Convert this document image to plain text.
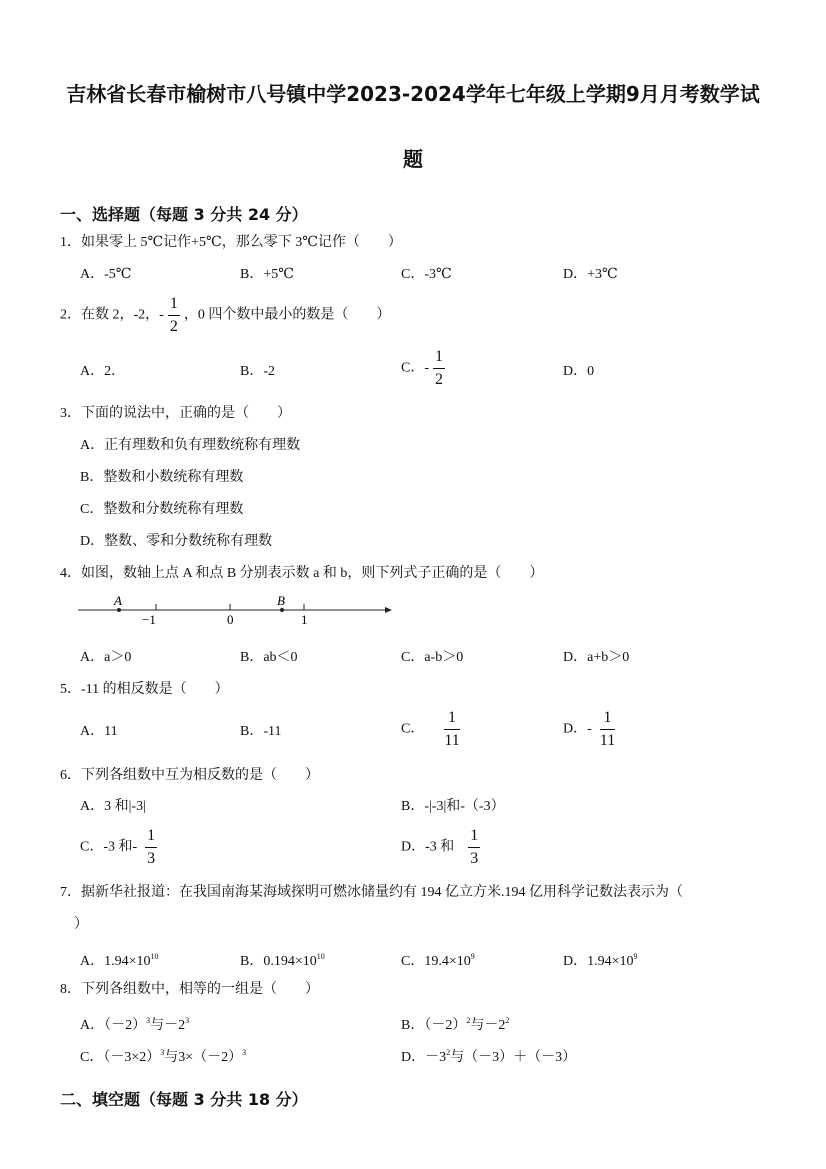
吉林省长春市榆树市八号镇中学2023-2024学年七年级上学期9月月考数学试
题
一、选择题（每题 3 分共 24 分）
1．如果零上 5℃记作+5℃，那么零下 3℃记作（　　）
A．-5℃	B．+5℃	C．-3℃	D．+3℃
2．在数 2，-2，- $\frac{1}{2}$ ，0 四个数中最小的数是（　　）
A．2．	B．-2	C．- $\frac{1}{2}$	D．0
3．下面的说法中，正确的是（　　）
A．正有理数和负有理数统称有理数
B．整数和小数统称有理数
C．整数和分数统称有理数
D．整数、零和分数统称有理数
4．如图，数轴上点 A 和点 B 分别表示数 a 和 b，则下列式子正确的是（　　）
A	B
−1	0	1
A．a＞0	B．ab＜0	C．a-b＞0	D．a+b＞0
5．-11 的相反数是（　　）
A．11	B．-11	C． $\frac{1}{11}$	D．- $\frac{1}{11}$
6．下列各组数中互为相反数的是（　　）
A．3 和|-3|	B．-|-3|和-（-3）
C．-3 和- $\frac{1}{3}$	D．-3 和 $\frac{1}{3}$
7．据新华社报道：在我国南海某海域探明可燃冰储量约有 194 亿立方米.194 亿用科学记数法表示为（
）
A．$1.94\times 10^{10}$	B．$0.194\times 10^{10}$	C．$19.4\times 10^9$	D．$1.94\times 10^9$
8．下列各组数中，相等的一组是（　　）
A．$(-2)^3$与$-2^3$	B．$(-2)^2$与$-2^2$
C．$(-3\times 2)^3$与$3\times(-2)^3$	D．$-3^2$与（－3）＋（－3）
二、填空题（每题 3 分共 18 分）
